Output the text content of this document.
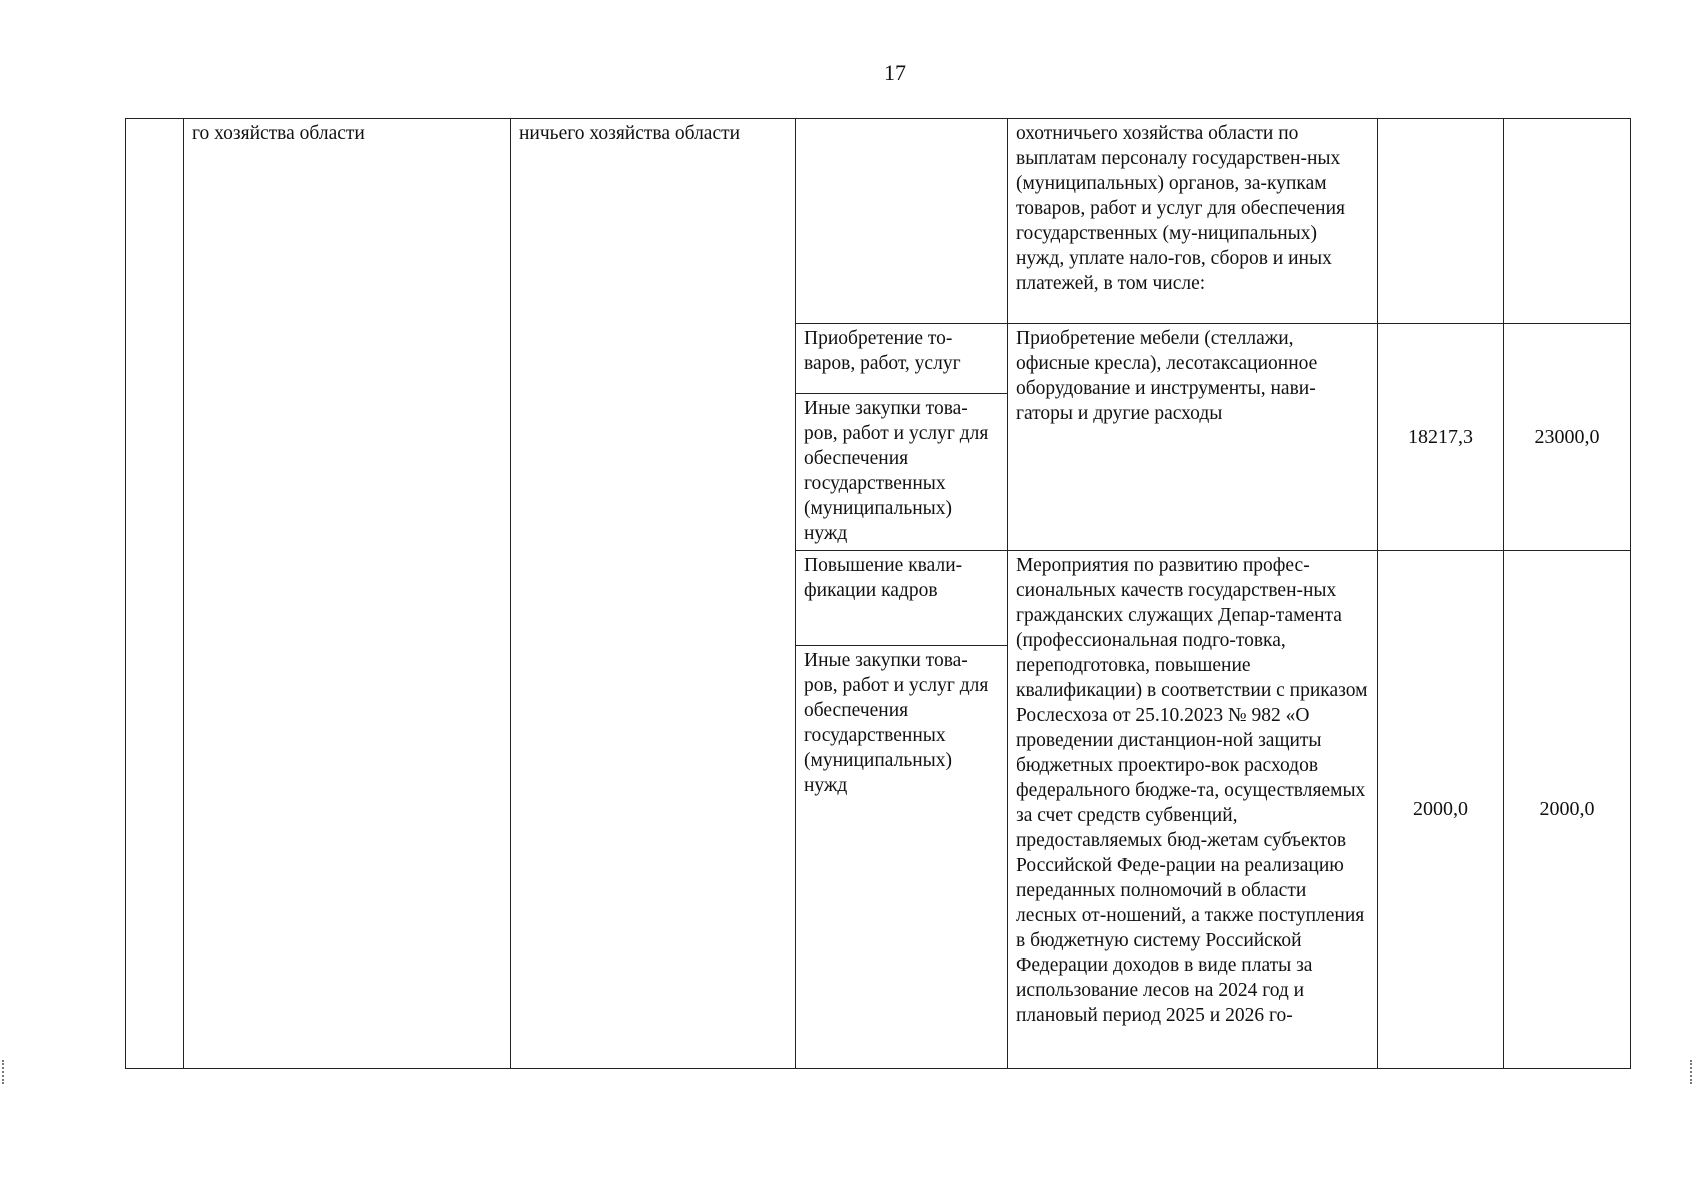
17
	го хозяйства области	ничьего хозяйства области		охотничьего хозяйства области по выплатам персоналу государствен-ных (муниципальных) органов, за-купкам товаров, работ и услуг для обеспечения государственных (му-ниципальных) нужд, уплате нало-гов, сборов и иных платежей, в том числе:		
			Приобретение то-варов, работ, услуг	Приобретение мебели (стеллажи, офисные кресла), лесотаксационное оборудование и инструменты, нави-гаторы и другие расходы	18217,3	23000,0
			Иные закупки това-ров, работ и услуг для обеспечения государственных (муниципальных) нужд			
			Повышение квали-фикации кадров	Мероприятия по развитию профес-сиональных качеств государствен-ных гражданских служащих Депар-тамента (профессиональная подго-товка, переподготовка, повышение квалификации) в соответствии с приказом Рослесхоза от 25.10.2023 № 982 «О проведении дистанцион-ной защиты бюджетных проектиро-вок расходов федерального бюдже-та, осуществляемых за счет средств субвенций, предоставляемых бюд-жетам субъектов Российской Феде-рации на реализацию переданных полномочий в области лесных от-ношений, а также поступления в бюджетную систему Российской Федерации доходов в виде платы за использование лесов на 2024 год и плановый период 2025 и 2026 го-	2000,0	2000,0
			Иные закупки това-ров, работ и услуг для обеспечения государственных (муниципальных) нужд			
